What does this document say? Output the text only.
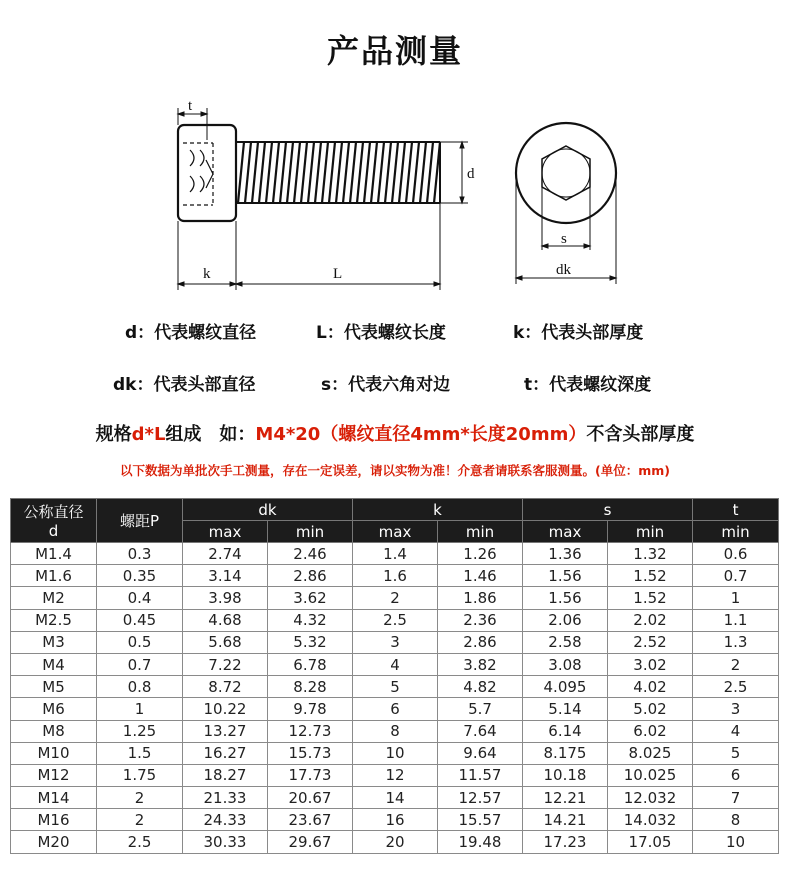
产品测量
t
d
k	L
s
dk
d：代表螺纹直径	L：代表螺纹长度	k：代表头部厚度
dk：代表头部直径	s：代表六角对边	t：代表螺纹深度
规格d*L组成　如：M4*20（螺纹直径4mm*长度20mm）不含头部厚度
以下数据为单批次手工测量，存在一定误差，请以实物为准！介意者请联系客服测量。(单位：mm)
公称直径
d	螺距P	dk		k		s		t
		max	min	max	min	max	min	min
M1.4	0.3	2.74	2.46	1.4	1.26	1.36	1.32	0.6
M1.6	0.35	3.14	2.86	1.6	1.46	1.56	1.52	0.7
M2	0.4	3.98	3.62	2	1.86	1.56	1.52	1
M2.5	0.45	4.68	4.32	2.5	2.36	2.06	2.02	1.1
M3	0.5	5.68	5.32	3	2.86	2.58	2.52	1.3
M4	0.7	7.22	6.78	4	3.82	3.08	3.02	2
M5	0.8	8.72	8.28	5	4.82	4.095	4.02	2.5
M6	1	10.22	9.78	6	5.7	5.14	5.02	3
M8	1.25	13.27	12.73	8	7.64	6.14	6.02	4
M10	1.5	16.27	15.73	10	9.64	8.175	8.025	5
M12	1.75	18.27	17.73	12	11.57	10.18	10.025	6
M14	2	21.33	20.67	14	12.57	12.21	12.032	7
M16	2	24.33	23.67	16	15.57	14.21	14.032	8
M20	2.5	30.33	29.67	20	19.48	17.23	17.05	10
